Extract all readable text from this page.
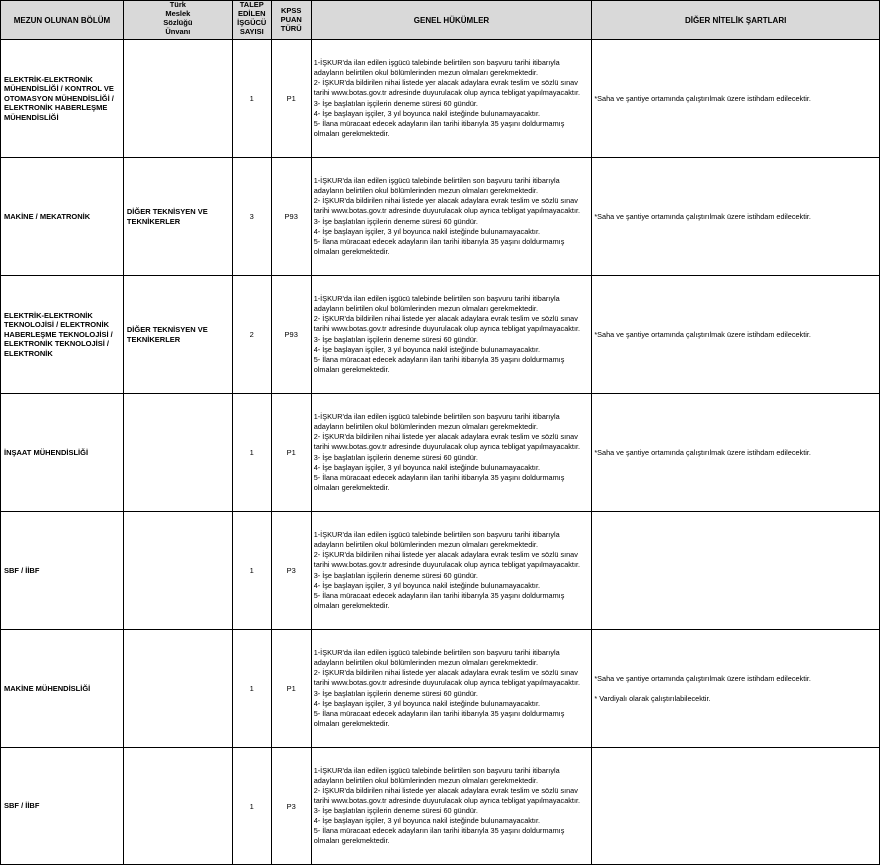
MEZUN OLUNAN BÖLÜM	Türk
Meslek
Sözlüğü
Ünvanı	TALEP
EDİLEN
İŞGÜCÜ
SAYISI	KPSS
PUAN
TÜRÜ	GENEL HÜKÜMLER	DİĞER NİTELİK ŞARTLARI
ELEKTRİK-ELEKTRONİK MÜHENDİSLİĞİ / KONTROL VE OTOMASYON MÜHENDİSLİĞİ / ELEKTRONİK HABERLEŞME MÜHENDİSLİĞİ		1	P1	1-İŞKUR'da ilan edilen işgücü talebinde belirtilen son başvuru tarihi itibarıyla adayların belirtilen okul bölümlerinden mezun olmaları gerekmektedir.
2- İŞKUR'da bildirilen nihai listede yer alacak adaylara evrak teslim ve sözlü sınav tarihi www.botas.gov.tr adresinde duyurulacak olup ayrıca tebligat yapılmayacaktır.
3- İşe başlatılan işçilerin deneme süresi 60 gündür.
4- İşe başlayan işçiler, 3 yıl boyunca nakil isteğinde bulunamayacaktır.
5- İlana müracaat edecek adayların ilan tarihi itibarıyla 35 yaşını doldurmamış olmaları gerekmektedir.	*Saha ve şantiye ortamında çalıştırılmak üzere istihdam edilecektir.

MAKİNE / MEKATRONİK	DİĞER TEKNİSYEN VE TEKNİKERLER	3	P93	1-İŞKUR'da ilan edilen işgücü talebinde belirtilen son başvuru tarihi itibarıyla adayların belirtilen okul bölümlerinden mezun olmaları gerekmektedir.
2- İŞKUR'da bildirilen nihai listede yer alacak adaylara evrak teslim ve sözlü sınav tarihi www.botas.gov.tr adresinde duyurulacak olup ayrıca tebligat yapılmayacaktır.
3- İşe başlatılan işçilerin deneme süresi 60 gündür.
4- İşe başlayan işçiler, 3 yıl boyunca nakil isteğinde bulunamayacaktır.
5- İlana müracaat edecek adayların ilan tarihi itibarıyla 35 yaşını doldurmamış olmaları gerekmektedir.	*Saha ve şantiye ortamında çalıştırılmak üzere istihdam edilecektir.

ELEKTRİK-ELEKTRONİK TEKNOLOJİSİ / ELEKTRONİK HABERLEŞME TEKNOLOJİSİ / ELEKTRONİK TEKNOLOJİSİ / ELEKTRONİK	DİĞER TEKNİSYEN VE TEKNİKERLER	2	P93	1-İŞKUR'da ilan edilen işgücü talebinde belirtilen son başvuru tarihi itibarıyla adayların belirtilen okul bölümlerinden mezun olmaları gerekmektedir.
2- İŞKUR'da bildirilen nihai listede yer alacak adaylara evrak teslim ve sözlü sınav tarihi www.botas.gov.tr adresinde duyurulacak olup ayrıca tebligat yapılmayacaktır.
3- İşe başlatılan işçilerin deneme süresi 60 gündür.
4- İşe başlayan işçiler, 3 yıl boyunca nakil isteğinde bulunamayacaktır.
5- İlana müracaat edecek adayların ilan tarihi itibarıyla 35 yaşını doldurmamış olmaları gerekmektedir.	*Saha ve şantiye ortamında çalıştırılmak üzere istihdam edilecektir.

İNŞAAT MÜHENDİSLİĞİ		1	P1	1-İŞKUR'da ilan edilen işgücü talebinde belirtilen son başvuru tarihi itibarıyla adayların belirtilen okul bölümlerinden mezun olmaları gerekmektedir.
2- İŞKUR'da bildirilen nihai listede yer alacak adaylara evrak teslim ve sözlü sınav tarihi www.botas.gov.tr adresinde duyurulacak olup ayrıca tebligat yapılmayacaktır.
3- İşe başlatılan işçilerin deneme süresi 60 gündür.
4- İşe başlayan işçiler, 3 yıl boyunca nakil isteğinde bulunamayacaktır.
5- İlana müracaat edecek adayların ilan tarihi itibarıyla 35 yaşını doldurmamış olmaları gerekmektedir.	*Saha ve şantiye ortamında çalıştırılmak üzere istihdam edilecektir.

SBF / İİBF		1	P3	1-İŞKUR'da ilan edilen işgücü talebinde belirtilen son başvuru tarihi itibarıyla adayların belirtilen okul bölümlerinden mezun olmaları gerekmektedir.
2- İŞKUR'da bildirilen nihai listede yer alacak adaylara evrak teslim ve sözlü sınav tarihi www.botas.gov.tr adresinde duyurulacak olup ayrıca tebligat yapılmayacaktır.
3- İşe başlatılan işçilerin deneme süresi 60 gündür.
4- İşe başlayan işçiler, 3 yıl boyunca nakil isteğinde bulunamayacaktır.
5- İlana müracaat edecek adayların ilan tarihi itibarıyla 35 yaşını doldurmamış olmaları gerekmektedir.	

MAKİNE MÜHENDİSLİĞİ		1	P1	1-İŞKUR'da ilan edilen işgücü talebinde belirtilen son başvuru tarihi itibarıyla adayların belirtilen okul bölümlerinden mezun olmaları gerekmektedir.
2- İŞKUR'da bildirilen nihai listede yer alacak adaylara evrak teslim ve sözlü sınav tarihi www.botas.gov.tr adresinde duyurulacak olup ayrıca tebligat yapılmayacaktır.
3- İşe başlatılan işçilerin deneme süresi 60 gündür.
4- İşe başlayan işçiler, 3 yıl boyunca nakil isteğinde bulunamayacaktır.
5- İlana müracaat edecek adayların ilan tarihi itibarıyla 35 yaşını doldurmamış olmaları gerekmektedir.	*Saha ve şantiye ortamında çalıştırılmak üzere istihdam edilecektir.
* Vardiyalı olarak çalıştırılabilecektir.

SBF / İİBF		1	P3	1-İŞKUR'da ilan edilen işgücü talebinde belirtilen son başvuru tarihi itibarıyla adayların belirtilen okul bölümlerinden mezun olmaları gerekmektedir.
2- İŞKUR'da bildirilen nihai listede yer alacak adaylara evrak teslim ve sözlü sınav tarihi www.botas.gov.tr adresinde duyurulacak olup ayrıca tebligat yapılmayacaktır.
3- İşe başlatılan işçilerin deneme süresi 60 gündür.
4- İşe başlayan işçiler, 3 yıl boyunca nakil isteğinde bulunamayacaktır.
5- İlana müracaat edecek adayların ilan tarihi itibarıyla 35 yaşını doldurmamış olmaları gerekmektedir.	
